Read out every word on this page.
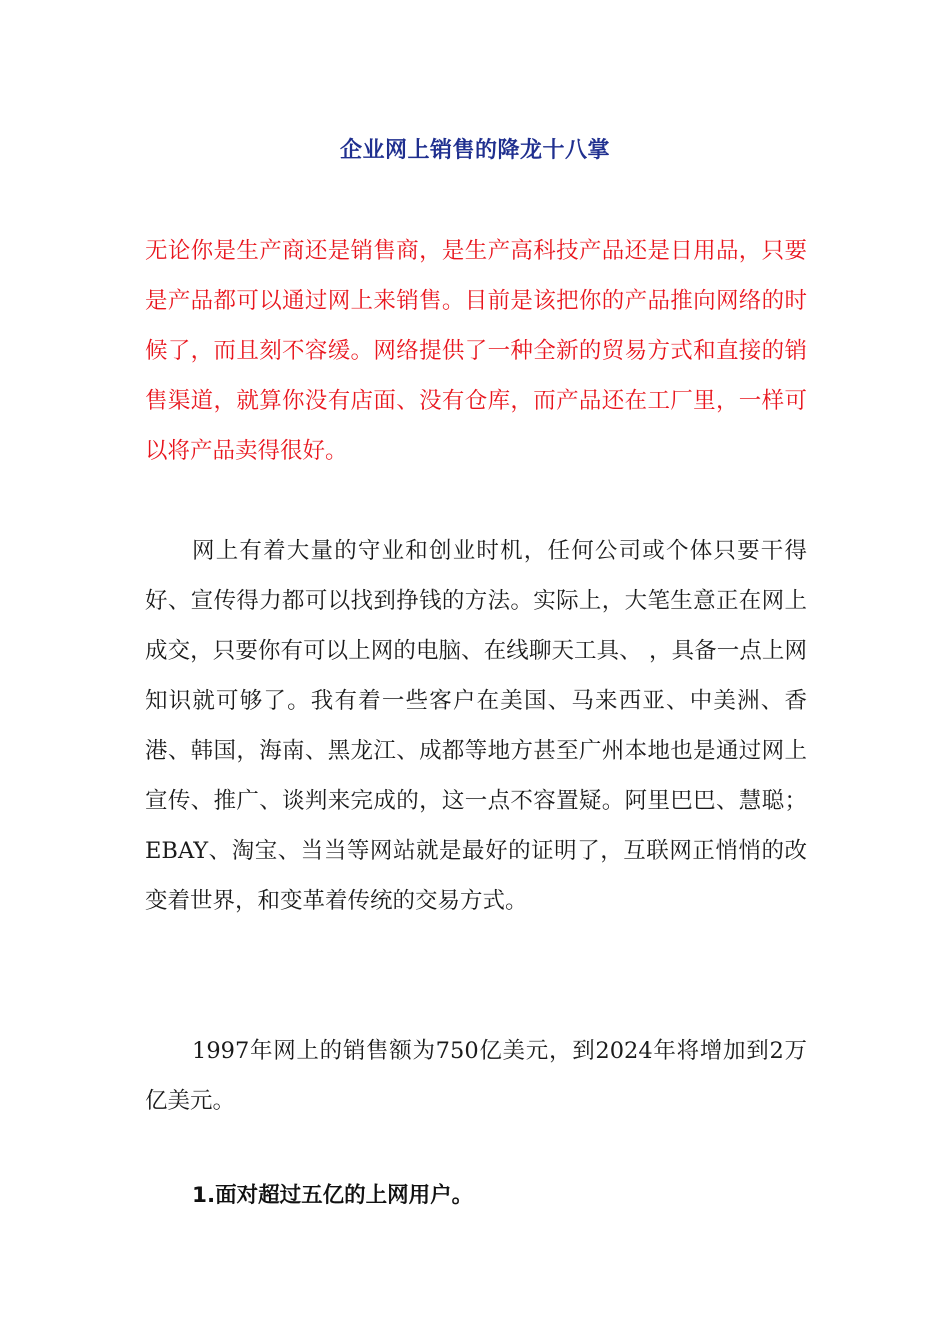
企业网上销售的降龙十八掌

无论你是生产商还是销售商，是生产高科技产品还是日用品，只要是产品都可以通过网上来销售。目前是该把你的产品推向网络的时候了，而且刻不容缓。网络提供了一种全新的贸易方式和直接的销售渠道，就算你没有店面、没有仓库，而产品还在工厂里，一样可以将产品卖得很好。

网上有着大量的守业和创业时机，任何公司或个体只要干得好、宣传得力都可以找到挣钱的方法。实际上，大笔生意正在网上成交，只要你有可以上网的电脑、在线聊天工具、 ，具备一点上网知识就可够了。我有着一些客户在美国、马来西亚、中美洲、香港、韩国，海南、黑龙江、成都等地方甚至广州本地也是通过网上宣传、推广、谈判来完成的，这一点不容置疑。阿里巴巴、慧聪；EBAY、淘宝、当当等网站就是最好的证明了，互联网正悄悄的改变着世界，和变革着传统的交易方式。

1997年网上的销售额为750亿美元，到2024年将增加到2万亿美元。

1.面对超过五亿的上网用户。
